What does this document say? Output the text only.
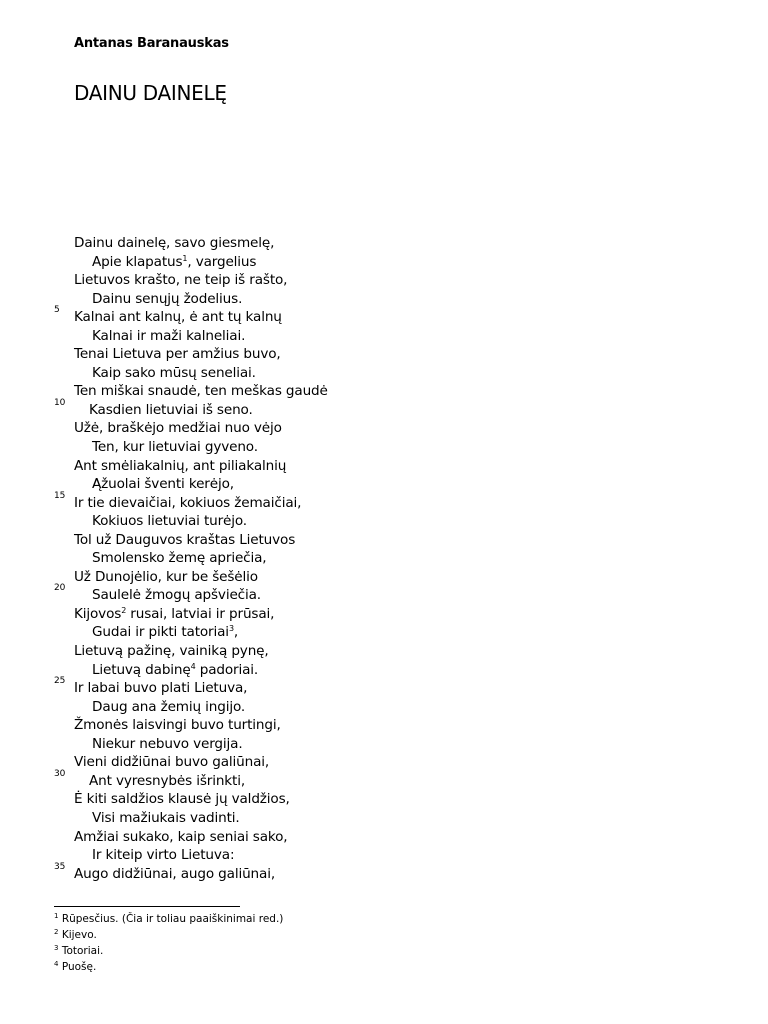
Antanas Baranauskas
DAINU DAINELĘ
Dainu dainelę, savo giesmelę,
Apie klapatus$^1$, vargelius
Lietuvos krašto, ne teip iš rašto,
Dainu senųjų žodelius.
5 Kalnai ant kalnų, ė ant tų kalnų
Kalnai ir maži kalneliai.
Tenai Lietuva per amžius buvo,
Kaip sako mūsų seneliai.
Ten miškai snaudė, ten meškas gaudė
10 Kasdien lietuviai iš seno.
Užė, braškėjo medžiai nuo vėjo
Ten, kur lietuviai gyveno.
Ant smėliakalnių, ant piliakalnių
Ąžuolai šventi kerėjo,
15 Ir tie dievaičiai, kokiuos žemaičiai,
Kokiuos lietuviai turėjo.
Tol už Dauguvos kraštas Lietuvos
Smolensko žemę apriečia,
Už Dunojėlio, kur be šešėlio
20 Saulelė žmogų apšviečia.
Kijovos$^2$ rusai, latviai ir prūsai,
Gudai ir pikti tatoriai$^3$,
Lietuvą pažinę, vainiką pynę,
Lietuvą dabinę$^4$ padoriai.
25 Ir labai buvo plati Lietuva,
Daug ana žemių ingijo.
Žmonės laisvingi buvo turtingi,
Niekur nebuvo vergija.
Vieni didžiūnai buvo galiūnai,
30 Ant vyresnybės išrinkti,
Ė kiti saldžios klausė jų valdžios,
Visi mažiukais vadinti.
Amžiai sukako, kaip seniai sako,
Ir kiteip virto Lietuva:
35 Augo didžiūnai, augo galiūnai,
$^1$ Rūpesčius. (Čia ir toliau paaiškinimai red.)
$^2$ Kijevo.
$^3$ Totoriai.
$^4$ Puošę.
